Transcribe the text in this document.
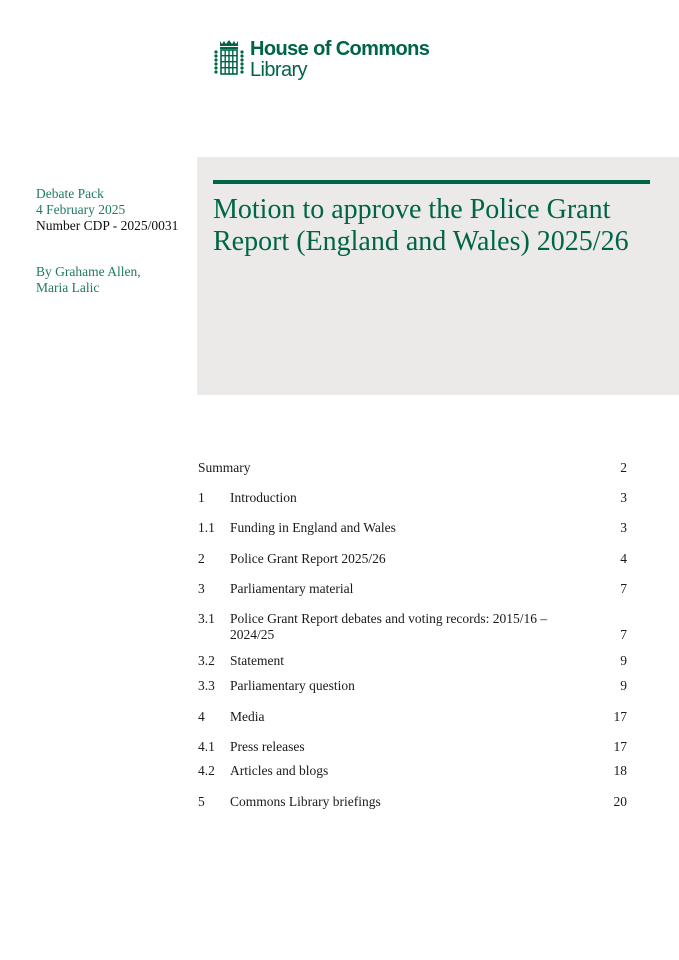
House of Commons
Library
Debate Pack
4 February 2025
Number CDP - 2025/0031
By Grahame Allen,
Maria Lalic
Motion to approve the Police Grant Report (England and Wales) 2025/26
Summary	2
1 Introduction	3
1.1 Funding in England and Wales	3
2 Police Grant Report 2025/26	4
3 Parliamentary material	7
3.1 Police Grant Report debates and voting records: 2015/16 – 2024/25	7
3.2 Statement	9
3.3 Parliamentary question	9
4 Media	17
4.1 Press releases	17
4.2 Articles and blogs	18
5 Commons Library briefings	20
